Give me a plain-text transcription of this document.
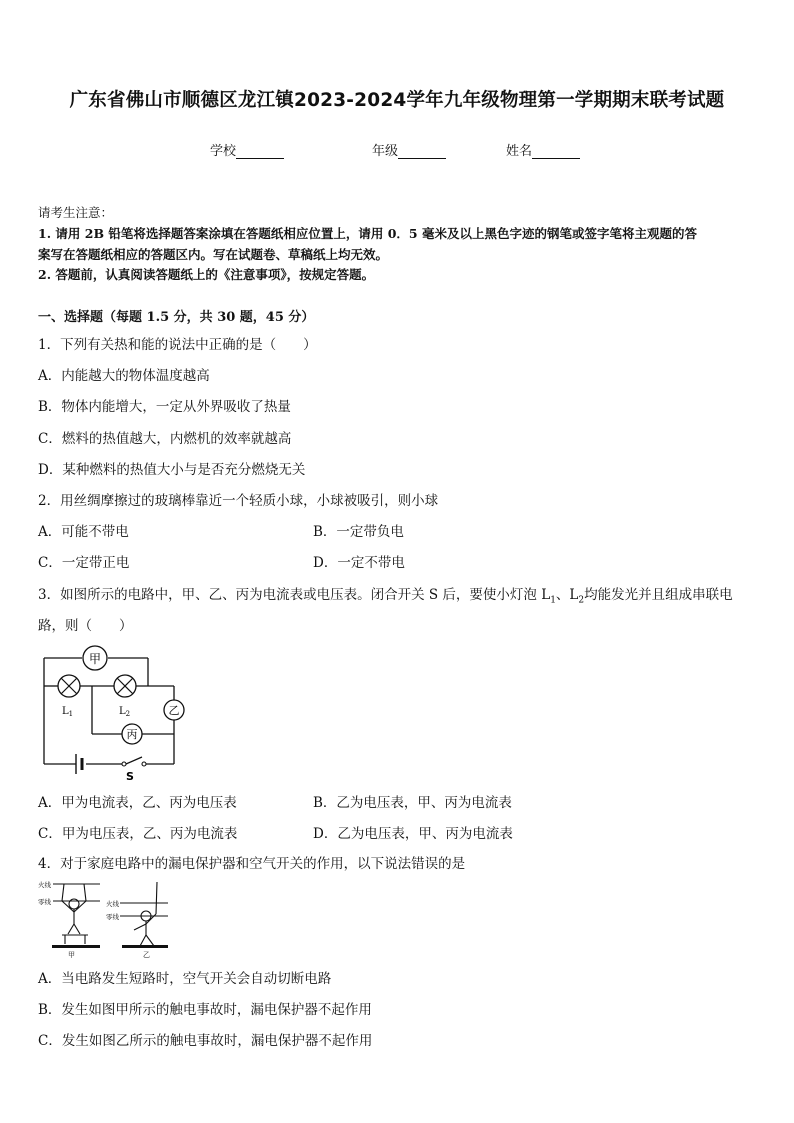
广东省佛山市顺德区龙江镇2023-2024学年九年级物理第一学期期末联考试题
学校	年级	姓名
请考生注意：
1. 请用 2B 铅笔将选择题答案涂填在答题纸相应位置上，请用 0．5 毫米及以上黑色字迹的钢笔或签字笔将主观题的答
案写在答题纸相应的答题区内。写在试题卷、草稿纸上均无效。
2. 答题前，认真阅读答题纸上的《注意事项》，按规定答题。
一、选择题（每题 1.5 分，共 30 题，45 分）
1．下列有关热和能的说法中正确的是（　　）
A．内能越大的物体温度越高
B．物体内能增大，一定从外界吸收了热量
C．燃料的热值越大，内燃机的效率就越高
D．某种燃料的热值大小与是否充分燃烧无关
2．用丝绸摩擦过的玻璃棒靠近一个轻质小球，小球被吸引，则小球
A．可能不带电	B．一定带负电
C．一定带正电	D．一定不带电
3．如图所示的电路中，甲、乙、丙为电流表或电压表。闭合开关 S 后，要使小灯泡 $L_1$、$L_2$均能发光并且组成串联电
路，则（　　）
甲
$L_1$	$L_2$	乙
丙
S
A．甲为电流表，乙、丙为电压表	B．乙为电压表，甲、丙为电流表
C．甲为电压表，乙、丙为电流表	D．乙为电压表，甲、丙为电流表
4．对于家庭电路中的漏电保护器和空气开关的作用，以下说法错误的是
火线
零线	火线
零线
甲	乙
A．当电路发生短路时，空气开关会自动切断电路
B．发生如图甲所示的触电事故时，漏电保护器不起作用
C．发生如图乙所示的触电事故时，漏电保护器不起作用
